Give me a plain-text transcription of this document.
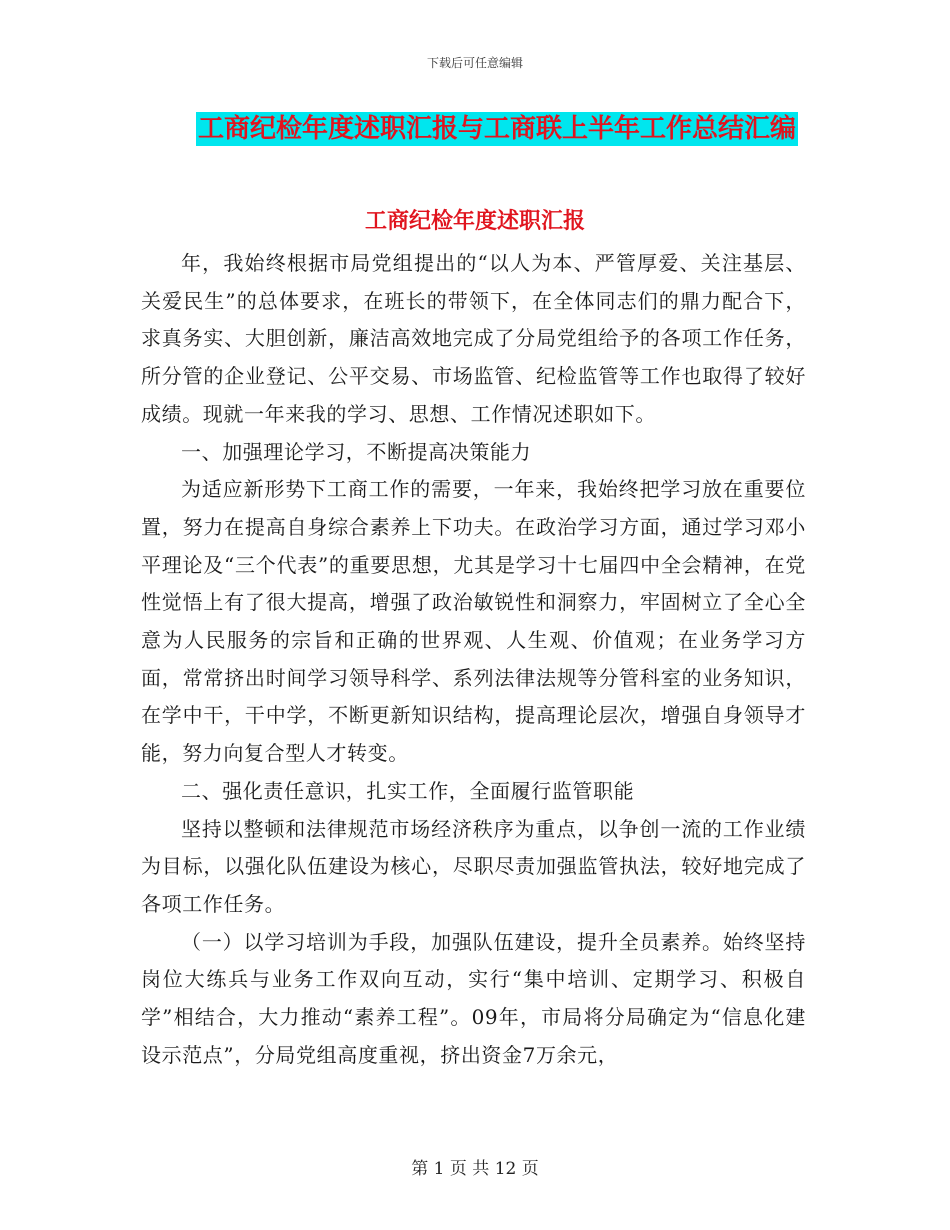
下载后可任意编辑
工商纪检年度述职汇报与工商联上半年工作总结汇编
工商纪检年度述职汇报

年，我始终根据市局党组提出的“以人为本、严管厚爱、关注基层、关爱民生”的总体要求，在班长的带领下，在全体同志们的鼎力配合下，求真务实、大胆创新，廉洁高效地完成了分局党组给予的各项工作任务，所分管的企业登记、公平交易、市场监管、纪检监管等工作也取得了较好成绩。现就一年来我的学习、思想、工作情况述职如下。

一、加强理论学习，不断提高决策能力

为适应新形势下工商工作的需要，一年来，我始终把学习放在重要位置，努力在提高自身综合素养上下功夫。在政治学习方面，通过学习邓小平理论及“三个代表”的重要思想，尤其是学习十七届四中全会精神，在党性觉悟上有了很大提高，增强了政治敏锐性和洞察力，牢固树立了全心全意为人民服务的宗旨和正确的世界观、人生观、价值观；在业务学习方面，常常挤出时间学习领导科学、系列法律法规等分管科室的业务知识，在学中干，干中学，不断更新知识结构，提高理论层次，增强自身领导才能，努力向复合型人才转变。

二、强化责任意识，扎实工作，全面履行监管职能

坚持以整顿和法律规范市场经济秩序为重点，以争创一流的工作业绩为目标，以强化队伍建设为核心，尽职尽责加强监管执法，较好地完成了各项工作任务。

（一）以学习培训为手段，加强队伍建设，提升全员素养。始终坚持岗位大练兵与业务工作双向互动，实行“集中培训、定期学习、积极自学”相结合，大力推动“素养工程”。09年，市局将分局确定为“信息化建设示范点”，分局党组高度重视，挤出资金7万余元，

第 1 页 共 12 页
